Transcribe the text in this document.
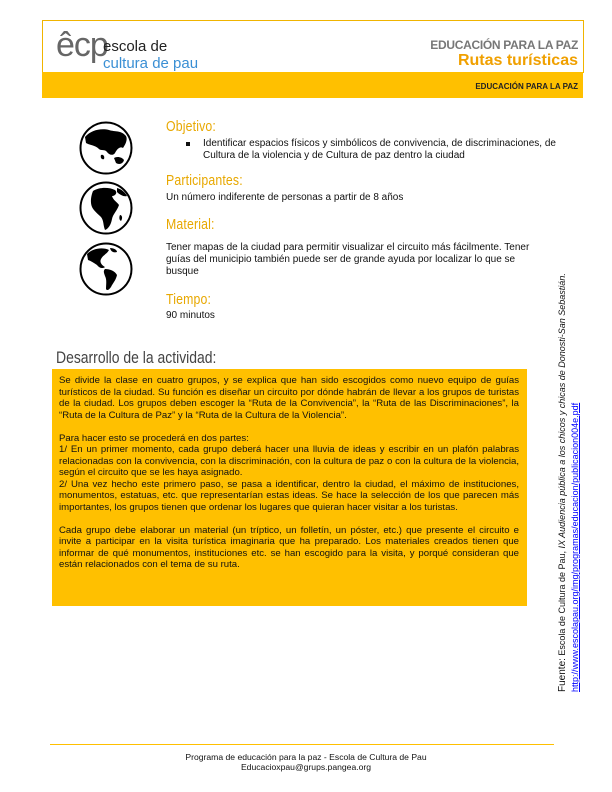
êcp
escola de
cultura de pau
EDUCACIÓN PARA LA PAZ
Rutas turísticas
EDUCACIÓN PARA LA PAZ
Objetivo:
Identificar espacios físicos y simbólicos de convivencia, de discriminaciones, de Cultura de la violencia y de Cultura de paz dentro la ciudad
Participantes:
Un número indiferente de personas a partir de 8 años
Material:
Tener mapas de la ciudad para permitir visualizar el circuito más fácilmente. Tener guías del municipio también puede ser de grande ayuda por localizar lo que se busque
Tiempo:
90 minutos
Desarrollo de la actividad:

Se divide la clase en cuatro grupos, y se explica que han sido escogidos como nuevo equipo de guías turísticos de la ciudad. Su función es diseñar un circuito por dónde habrán de llevar a los grupos de turistas de la ciudad. Los grupos deben escoger la “Ruta de la Convivencia”, la “Ruta de las Discriminaciones”, la “Ruta de la Cultura de Paz” y la “Ruta de la Cultura de la Violencia”.

Para hacer esto se procederá en dos partes:

1/ En un primer momento, cada grupo deberá hacer una lluvia de ideas y escribir en un plafón palabras relacionadas con la convivencia, con la discriminación, con la cultura de paz o con la cultura de la violencia, según el circuito que se les haya asignado.

2/ Una vez hecho este primero paso, se pasa a identificar, dentro la ciudad, el máximo de instituciones, monumentos, estatuas, etc. que representarían estas ideas. Se hace la selección de los que parecen más importantes, los grupos tienen que ordenar los lugares que quieran hacer visitar a los turistas.

Cada grupo debe elaborar un material (un tríptico, un folletín, un póster, etc.) que presente el circuito e invite a participar en la visita turística imaginaria que ha preparado. Los materiales creados tienen que informar de qué monumentos, instituciones etc. se han escogido para la visita, y porqué consideran que están relacionados con el tema de su ruta.

Fuente: Escola de Cultura de Pau, IX Audiencia pública a los chicos y chicas de Donosti-San Sebastián. http://www.escolapau.org/img/programas/educacion/publicacion004e.pdf
Programa de educación para la paz - Escola de Cultura de Pau
Educacioxpau@grups.pangea.org
